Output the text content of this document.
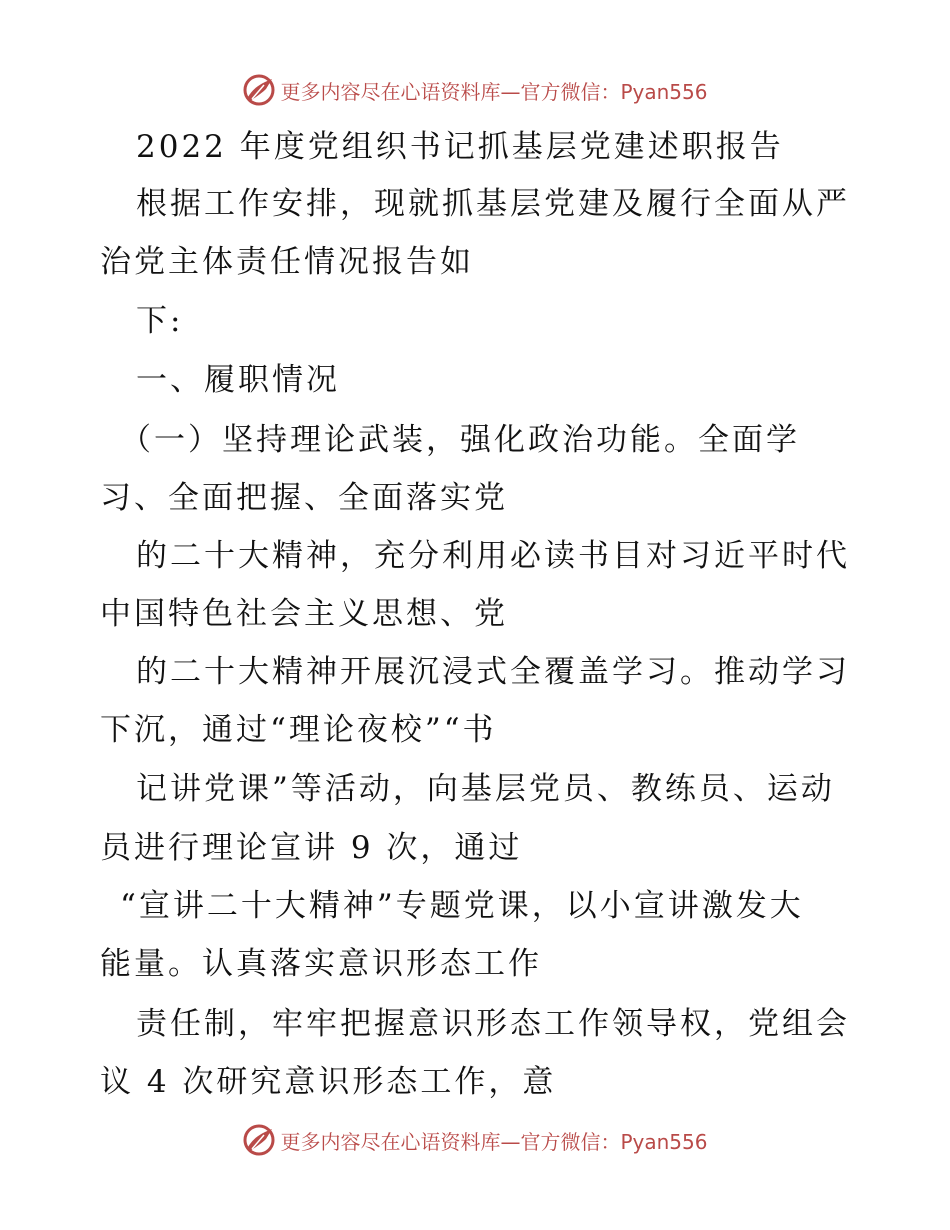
更多内容尽在心语资料库—官方微信：Pyan556
2022 年度党组织书记抓基层党建述职报告
根据工作安排，现就抓基层党建及履行全面从严
治党主体责任情况报告如
下:
一、履职情况
（一）坚持理论武装，强化政治功能。全面学
习、全面把握、全面落实党
的二十大精神，充分利用必读书目对习近平时代
中国特色社会主义思想、党
的二十大精神开展沉浸式全覆盖学习。推动学习
下沉，通过“理论夜校”“书
记讲党课”等活动，向基层党员、教练员、运动
员进行理论宣讲 9 次，通过
“宣讲二十大精神”专题党课，以小宣讲激发大
能量。认真落实意识形态工作
责任制，牢牢把握意识形态工作领导权，党组会
议 4 次研究意识形态工作，意
更多内容尽在心语资料库—官方微信：Pyan556
